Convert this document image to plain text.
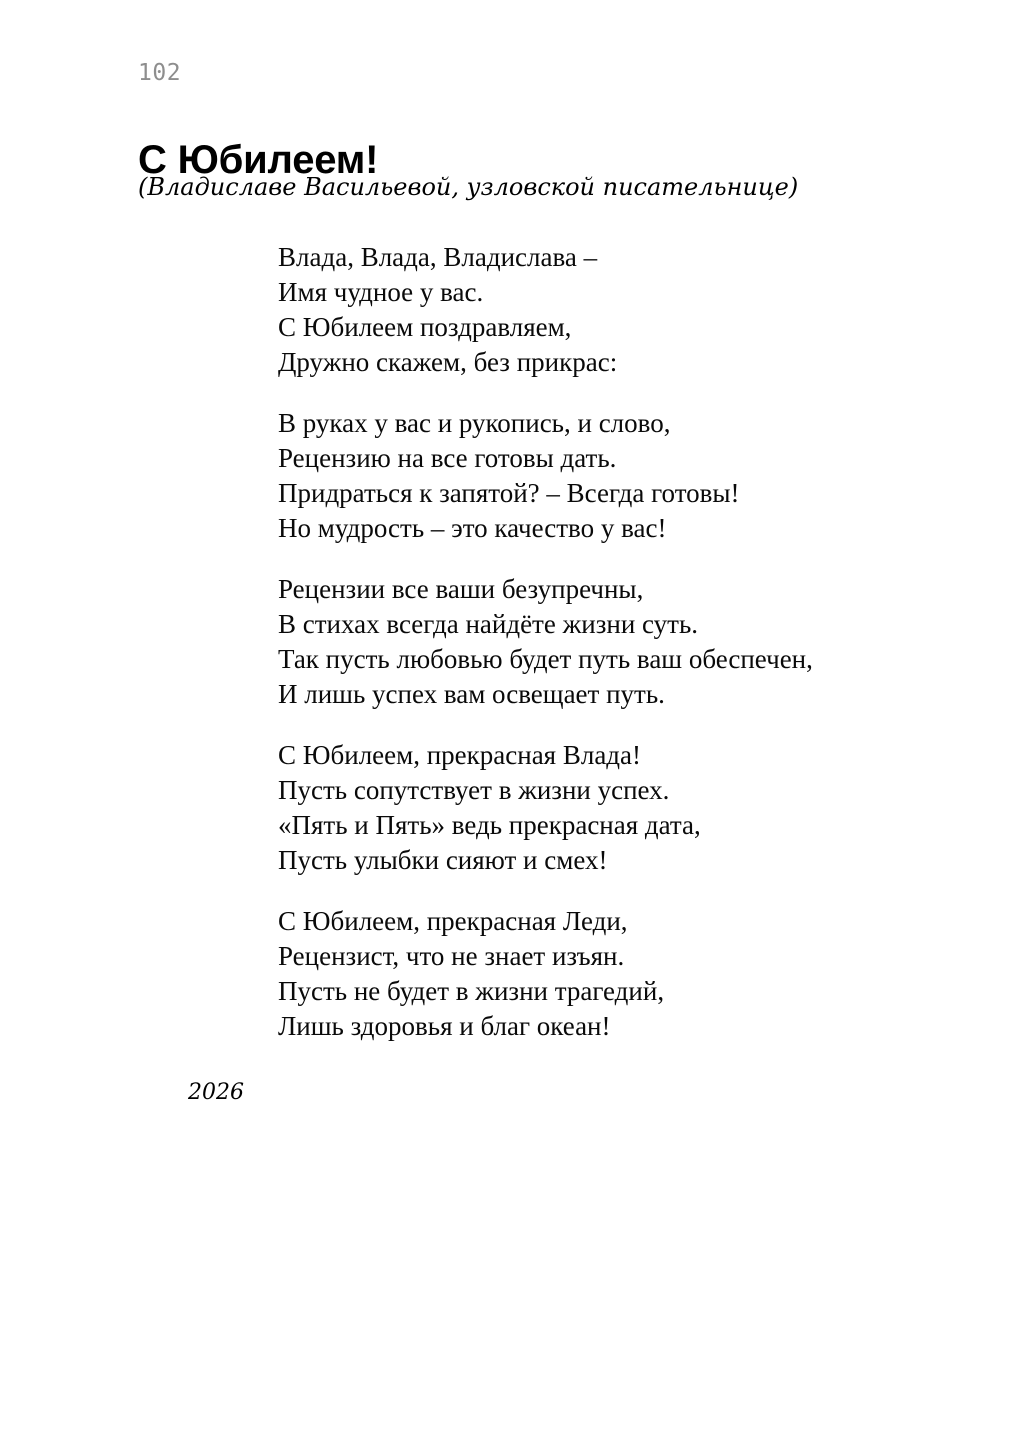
102
С Юбилеем!
(Владиславе Васильевой, узловской писательнице)
Влада, Влада, Владислава –
Имя чудное у вас.
С Юбилеем поздравляем,
Дружно скажем, без прикрас:
В руках у вас и рукопись, и слово,
Рецензию на все готовы дать.
Придраться к запятой? – Всегда готовы!
Но мудрость – это качество у вас!
Рецензии все ваши безупречны,
В стихах всегда найдёте жизни суть.
Так пусть любовью будет путь ваш обеспечен,
И лишь успех вам освещает путь.
С Юбилеем, прекрасная Влада!
Пусть сопутствует в жизни успех.
«Пять и Пять» ведь прекрасная дата,
Пусть улыбки сияют и смех!
С Юбилеем, прекрасная Леди,
Рецензист, что не знает изъян.
Пусть не будет в жизни трагедий,
Лишь здоровья и благ океан!
2026
